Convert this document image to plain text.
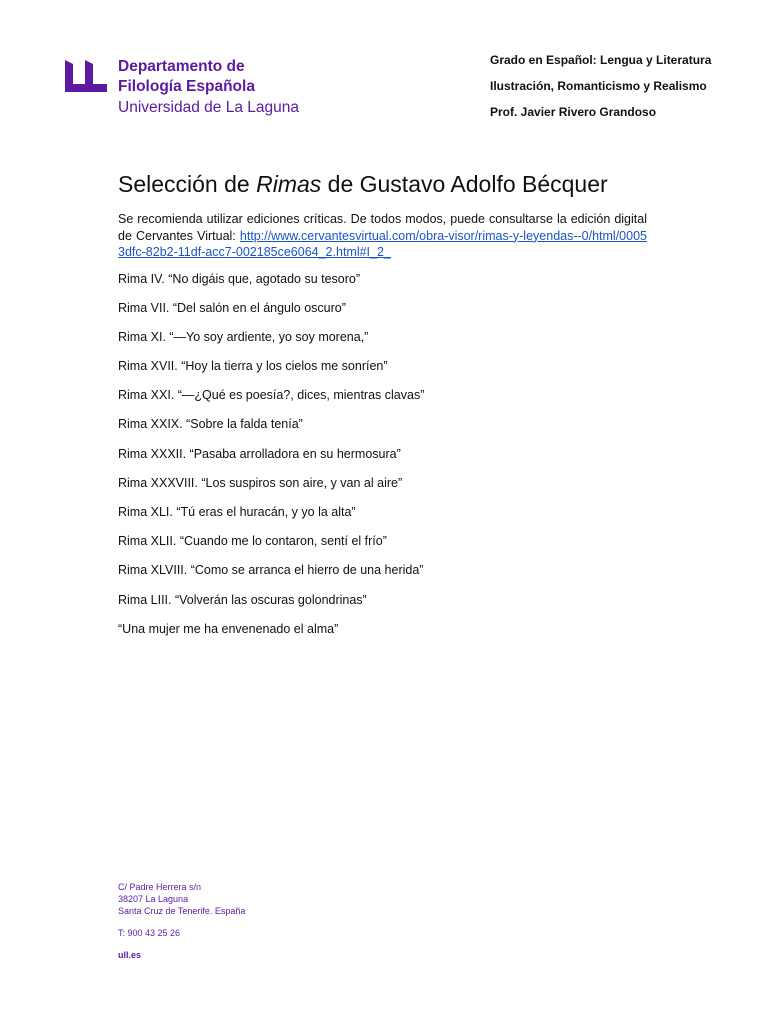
Departamento de
Filología Española
Universidad de La Laguna

Grado en Español: Lengua y Literatura

Ilustración, Romanticismo y Realismo

Prof. Javier Rivero Grandoso

Selección de Rimas de Gustavo Adolfo Bécquer

Se recomienda utilizar ediciones críticas. De todos modos, puede consultarse la edición digital de Cervantes Virtual: http://www.cervantesvirtual.com/obra-visor/rimas-y-leyendas--0/html/00053dfc-82b2-11df-acc7-002185ce6064_2.html#I_2_

Rima IV. “No digáis que, agotado su tesoro”
Rima VII. “Del salón en el ángulo oscuro”
Rima XI. “—Yo soy ardiente, yo soy morena,”
Rima XVII. “Hoy la tierra y los cielos me sonríen”
Rima XXI. “—¿Qué es poesía?, dices, mientras clavas”
Rima XXIX. “Sobre la falda tenía”
Rima XXXII. “Pasaba arrolladora en su hermosura”
Rima XXXVIII. “Los suspiros son aire, y van al aire”
Rima XLI. “Tú eras el huracán, y yo la alta”
Rima XLII. “Cuando me lo contaron, sentí el frío”
Rima XLVIII. “Como se arranca el hierro de una herida”
Rima LIII. “Volverán las oscuras golondrinas”
“Una mujer me ha envenenado el alma”
C/ Padre Herrera s/n
38207 La Laguna
Santa Cruz de Tenerife. España
T: 900 43 25 26
ull.es
